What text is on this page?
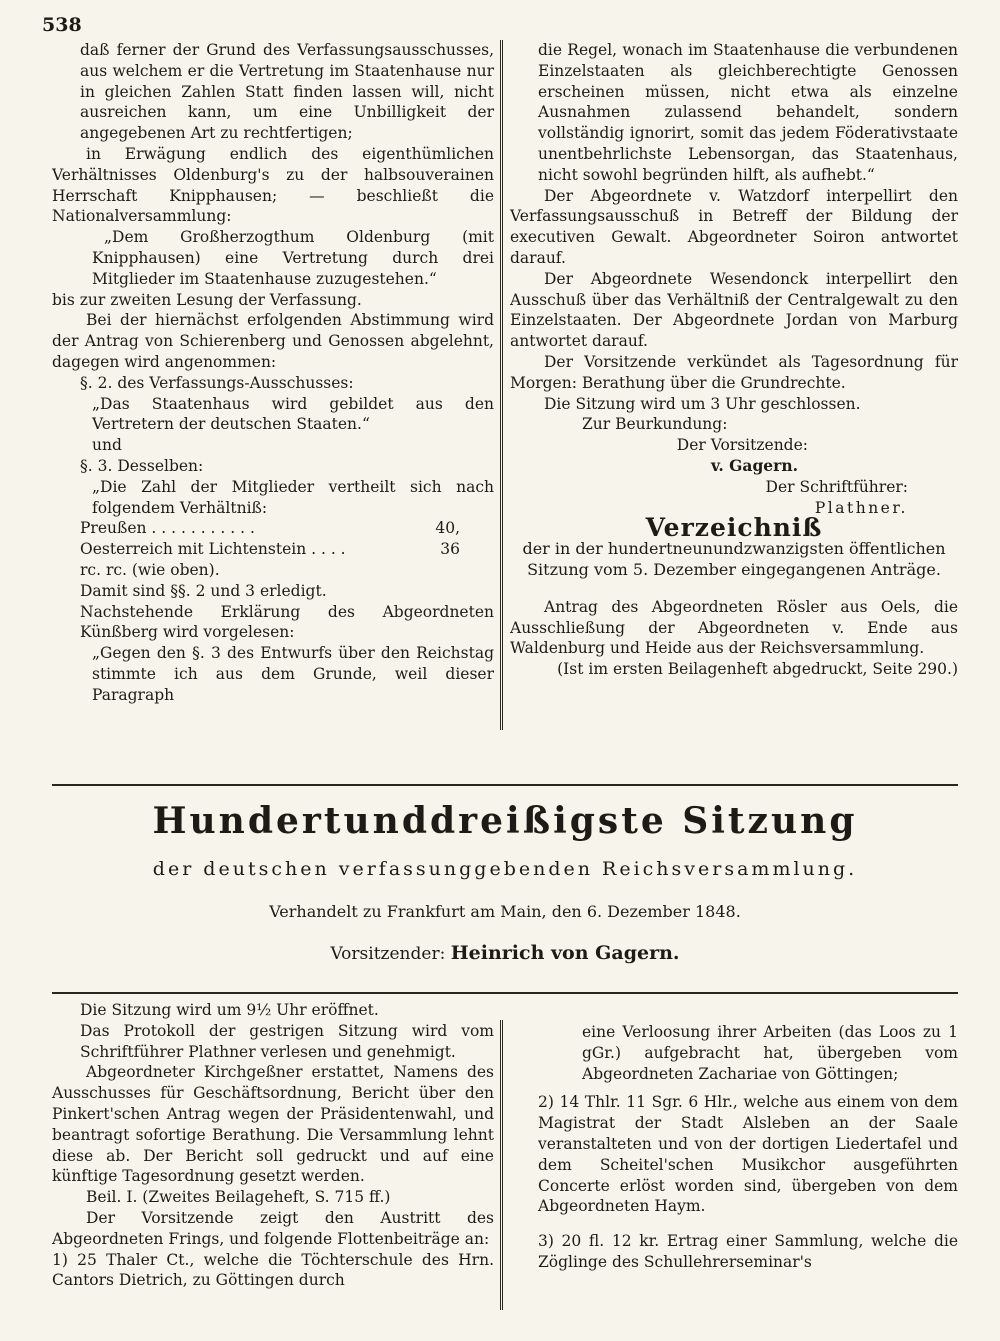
538

daß ferner der Grund des Verfassungsausschusses, aus welchem er die Vertretung im Staatenhause nur in gleichen Zahlen Statt finden lassen will, nicht ausreichen kann, um eine Unbilligkeit der angegebenen Art zu rechtfertigen;

in Erwägung endlich des eigenthümlichen Verhältnisses Oldenburg's zu der halbsouverainen Herrschaft Knipphausen; — beschließt die Nationalversammlung:

„Dem Großherzogthum Oldenburg (mit Knipphausen) eine Vertretung durch drei Mitglieder im Staatenhause zuzugestehen.“

bis zur zweiten Lesung der Verfassung.

Bei der hiernächst erfolgenden Abstimmung wird der Antrag von Schierenberg und Genossen abgelehnt, dagegen wird angenommen:

§. 2. des Verfassungs-Ausschusses:

„Das Staatenhaus wird gebildet aus den Vertretern der deutschen Staaten.“

und

§. 3. Desselben:

„Die Zahl der Mitglieder vertheilt sich nach folgendem Verhältniß:

Preußen . . . . . . . . . . .	40,
Oesterreich mit Lichtenstein . . . .	36

rc. rc. (wie oben).

Damit sind §§. 2 und 3 erledigt.

Nachstehende Erklärung des Abgeordneten Künßberg wird vorgelesen:

„Gegen den §. 3 des Entwurfs über den Reichstag stimmte ich aus dem Grunde, weil dieser Paragraph

die Regel, wonach im Staatenhause die verbundenen Einzelstaaten als gleichberechtigte Genossen erscheinen müssen, nicht etwa als einzelne Ausnahmen zulassend behandelt, sondern vollständig ignorirt, somit das jedem Föderativstaate unentbehrlichste Lebensorgan, das Staatenhaus, nicht sowohl begründen hilft, als aufhebt.“

Der Abgeordnete v. Watzdorf interpellirt den Verfassungsausschuß in Betreff der Bildung der executiven Gewalt. Abgeordneter Soiron antwortet darauf.

Der Abgeordnete Wesendonck interpellirt den Ausschuß über das Verhältniß der Centralgewalt zu den Einzelstaaten. Der Abgeordnete Jordan von Marburg antwortet darauf.

Der Vorsitzende verkündet als Tagesordnung für Morgen: Berathung über die Grundrechte.

Die Sitzung wird um 3 Uhr geschlossen.

Zur Beurkundung:

Der Vorsitzende:

v. Gagern.

Der Schriftführer:

Plathner.

Verzeichniß

der in der hundertneunundzwanzigsten öffentlichen Sitzung vom 5. Dezember eingegangenen Anträge.

Antrag des Abgeordneten Rösler aus Oels, die Ausschließung der Abgeordneten v. Ende aus Waldenburg und Heide aus der Reichsversammlung.

(Ist im ersten Beilagenheft abgedruckt, Seite 290.)

Hundertunddreißigste Sitzung
der deutschen verfassunggebenden Reichsversammlung.
Verhandelt zu Frankfurt am Main, den 6. Dezember 1848.
Vorsitzender: Heinrich von Gagern.

Die Sitzung wird um 9½ Uhr eröffnet.

Das Protokoll der gestrigen Sitzung wird vom Schriftführer Plathner verlesen und genehmigt.

Abgeordneter Kirchgeßner erstattet, Namens des Ausschusses für Geschäftsordnung, Bericht über den Pinkert'schen Antrag wegen der Präsidentenwahl, und beantragt sofortige Berathung. Die Versammlung lehnt diese ab. Der Bericht soll gedruckt und auf eine künftige Tagesordnung gesetzt werden.

Beil. I. (Zweites Beilageheft, S. 715 ff.)

Der Vorsitzende zeigt den Austritt des Abgeordneten Frings, und folgende Flottenbeiträge an:

1) 25 Thaler Ct., welche die Töchterschule des Hrn. Cantors Dietrich, zu Göttingen durch

eine Verloosung ihrer Arbeiten (das Loos zu 1 gGr.) aufgebracht hat, übergeben vom Abgeordneten Zachariae von Göttingen;

2) 14 Thlr. 11 Sgr. 6 Hlr., welche aus einem von dem Magistrat der Stadt Alsleben an der Saale veranstalteten und von der dortigen Liedertafel und dem Scheitel'schen Musikchor ausgeführten Concerte erlöst worden sind, übergeben von dem Abgeordneten Haym.

3) 20 fl. 12 kr. Ertrag einer Sammlung, welche die Zöglinge des Schullehrerseminar's
